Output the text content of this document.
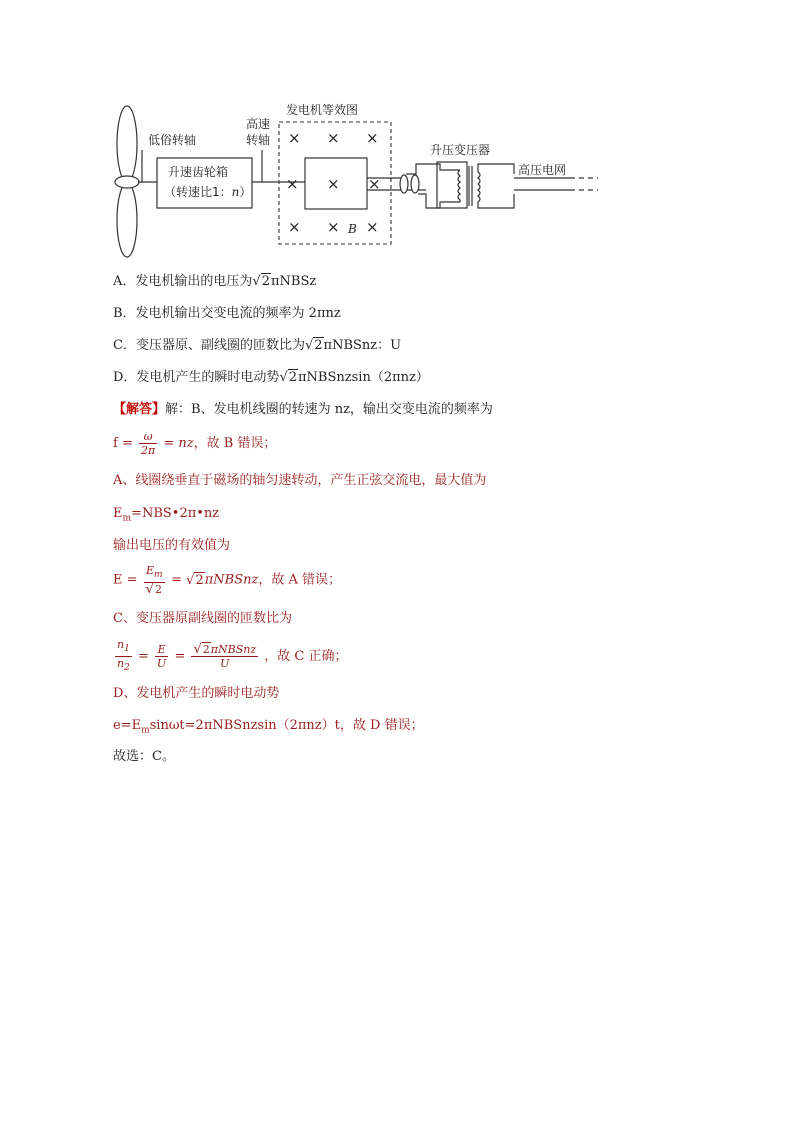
低俗转轴
升速齿轮箱
（转速比1：n）
高速
转轴
发电机等效图
× × ×
× × ×
× × ×
B
升压变压器
高压电网
A．发电机输出的电压为√2πNBSz
B．发电机输出交变电流的频率为 2πnz
C．变压器原、副线圈的匝数比为√2πNBSnz：U
D．发电机产生的瞬时电动势√2πNBSnzsin（2πnz）
【解答】解：B、发电机线圈的转速为 nz，输出交变电流的频率为
$f = \frac{\omega}{2\pi}$ = nz，故 B 错误；
A、线圈绕垂直于磁场的轴匀速转动，产生正弦交流电，最大值为
$E_m=NBS•2\pi•nz$
输出电压的有效值为
$E = \frac{E_m}{√2}$ = √2πNBSnz，故 A 错误；
C、变压器原副线圈的匝数比为
$\frac{n_1}{n_2} = \frac{E}{U} = \frac{\text{√2πNBSnz}}{U}$ ，故 C 正确；
D、发电机产生的瞬时电动势
$e=E_m\sin\omega t=2\pi NBSnzsin(2\pi nz)t$，故 D 错误；
故选：C。
